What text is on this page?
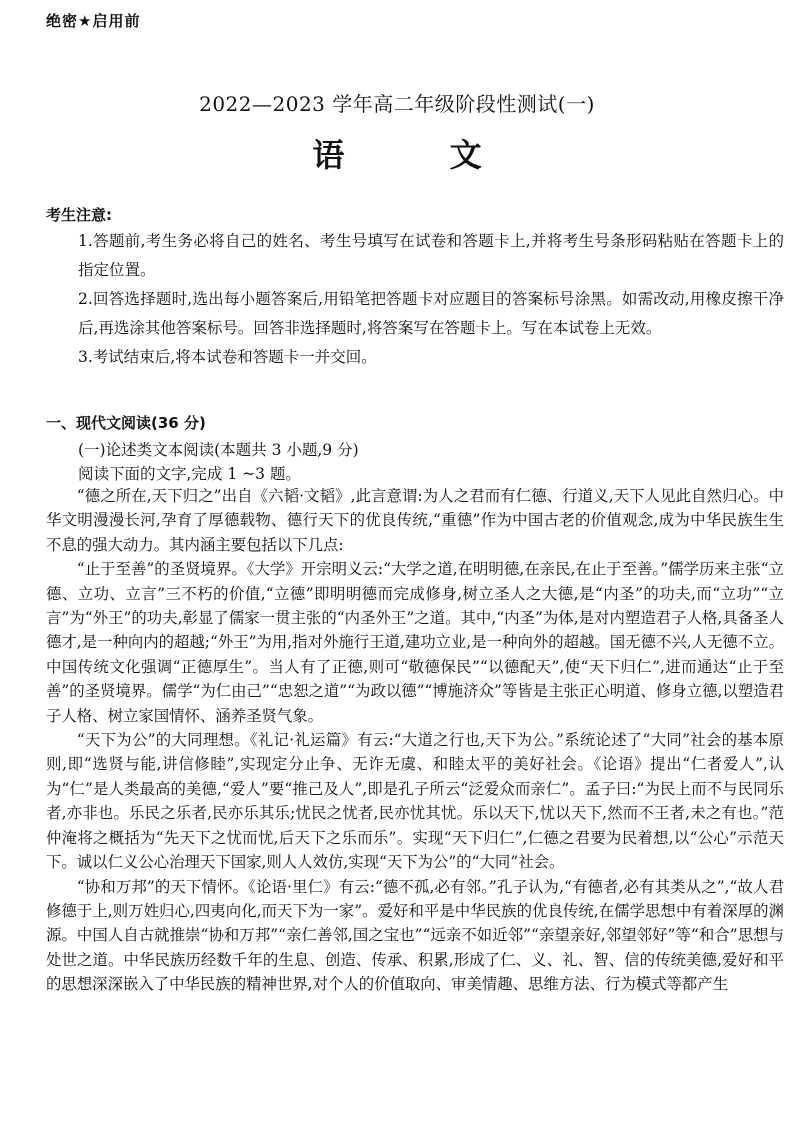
绝密★启用前
2022—2023 学年高二年级阶段性测试(一)
语 文
考生注意:
1.答题前,考生务必将自己的姓名、考生号填写在试卷和答题卡上,并将考生号条形码粘贴在答题卡上的指定位置。
2.回答选择题时,选出每小题答案后,用铅笔把答题卡对应题目的答案标号涂黑。如需改动,用橡皮擦干净后,再选涂其他答案标号。回答非选择题时,将答案写在答题卡上。写在本试卷上无效。
3.考试结束后,将本试卷和答题卡一并交回。
一、现代文阅读(36 分)
(一)论述类文本阅读(本题共 3 小题,9 分)
阅读下面的文字,完成 1 ~3 题。

“德之所在,天下归之”出自《六韬·文韬》,此言意谓:为人之君而有仁德、行道义,天下人见此自然归心。中华文明漫漫长河,孕育了厚德载物、德行天下的优良传统,“重德”作为中国古老的价值观念,成为中华民族生生不息的强大动力。其内涵主要包括以下几点:

“止于至善”的圣贤境界。《大学》开宗明义云:“大学之道,在明明德,在亲民,在止于至善。”儒学历来主张“立德、立功、立言”三不朽的价值,“立德”即明明德而完成修身,树立圣人之大德,是“内圣”的功夫,而“立功”“立言”为“外王”的功夫,彰显了儒家一贯主张的“内圣外王”之道。其中,“内圣”为体,是对内塑造君子人格,具备圣人德才,是一种向内的超越;“外王”为用,指对外施行王道,建功立业,是一种向外的超越。国无德不兴,人无德不立。中国传统文化强调“正德厚生”。当人有了正德,则可“敬德保民”“以德配天”,使“天下归仁”,进而通达“止于至善”的圣贤境界。儒学“为仁由己”“忠恕之道”“为政以德”“博施济众”等皆是主张正心明道、修身立德,以塑造君子人格、树立家国情怀、涵养圣贤气象。

“天下为公”的大同理想。《礼记·礼运篇》有云:“大道之行也,天下为公。”系统论述了“大同”社会的基本原则,即“选贤与能,讲信修睦”,实现定分止争、无诈无虞、和睦太平的美好社会。《论语》提出“仁者爱人”,认为“仁”是人类最高的美德,“爱人”要“推己及人”,即是孔子所云“泛爱众而亲仁”。孟子曰:“为民上而不与民同乐者,亦非也。乐民之乐者,民亦乐其乐;忧民之忧者,民亦忧其忧。乐以天下,忧以天下,然而不王者,未之有也。”范仲淹将之概括为“先天下之忧而忧,后天下之乐而乐”。实现“天下归仁”,仁德之君要为民着想,以“公心”示范天下。诚以仁义公心治理天下国家,则人人效仿,实现“天下为公”的“大同”社会。

“协和万邦”的天下情怀。《论语·里仁》有云:“德不孤,必有邻。”孔子认为,“有德者,必有其类从之”,“故人君修德于上,则万姓归心,四夷向化,而天下为一家”。爱好和平是中华民族的优良传统,在儒学思想中有着深厚的渊源。中国人自古就推崇“协和万邦”“亲仁善邻,国之宝也”“远亲不如近邻”“亲望亲好,邻望邻好”等“和合”思想与处世之道。中华民族历经数千年的生息、创造、传承、积累,形成了仁、义、礼、智、信的传统美德,爱好和平的思想深深嵌入了中华民族的精神世界,对个人的价值取向、审美情趣、思维方法、行为模式等都产生
